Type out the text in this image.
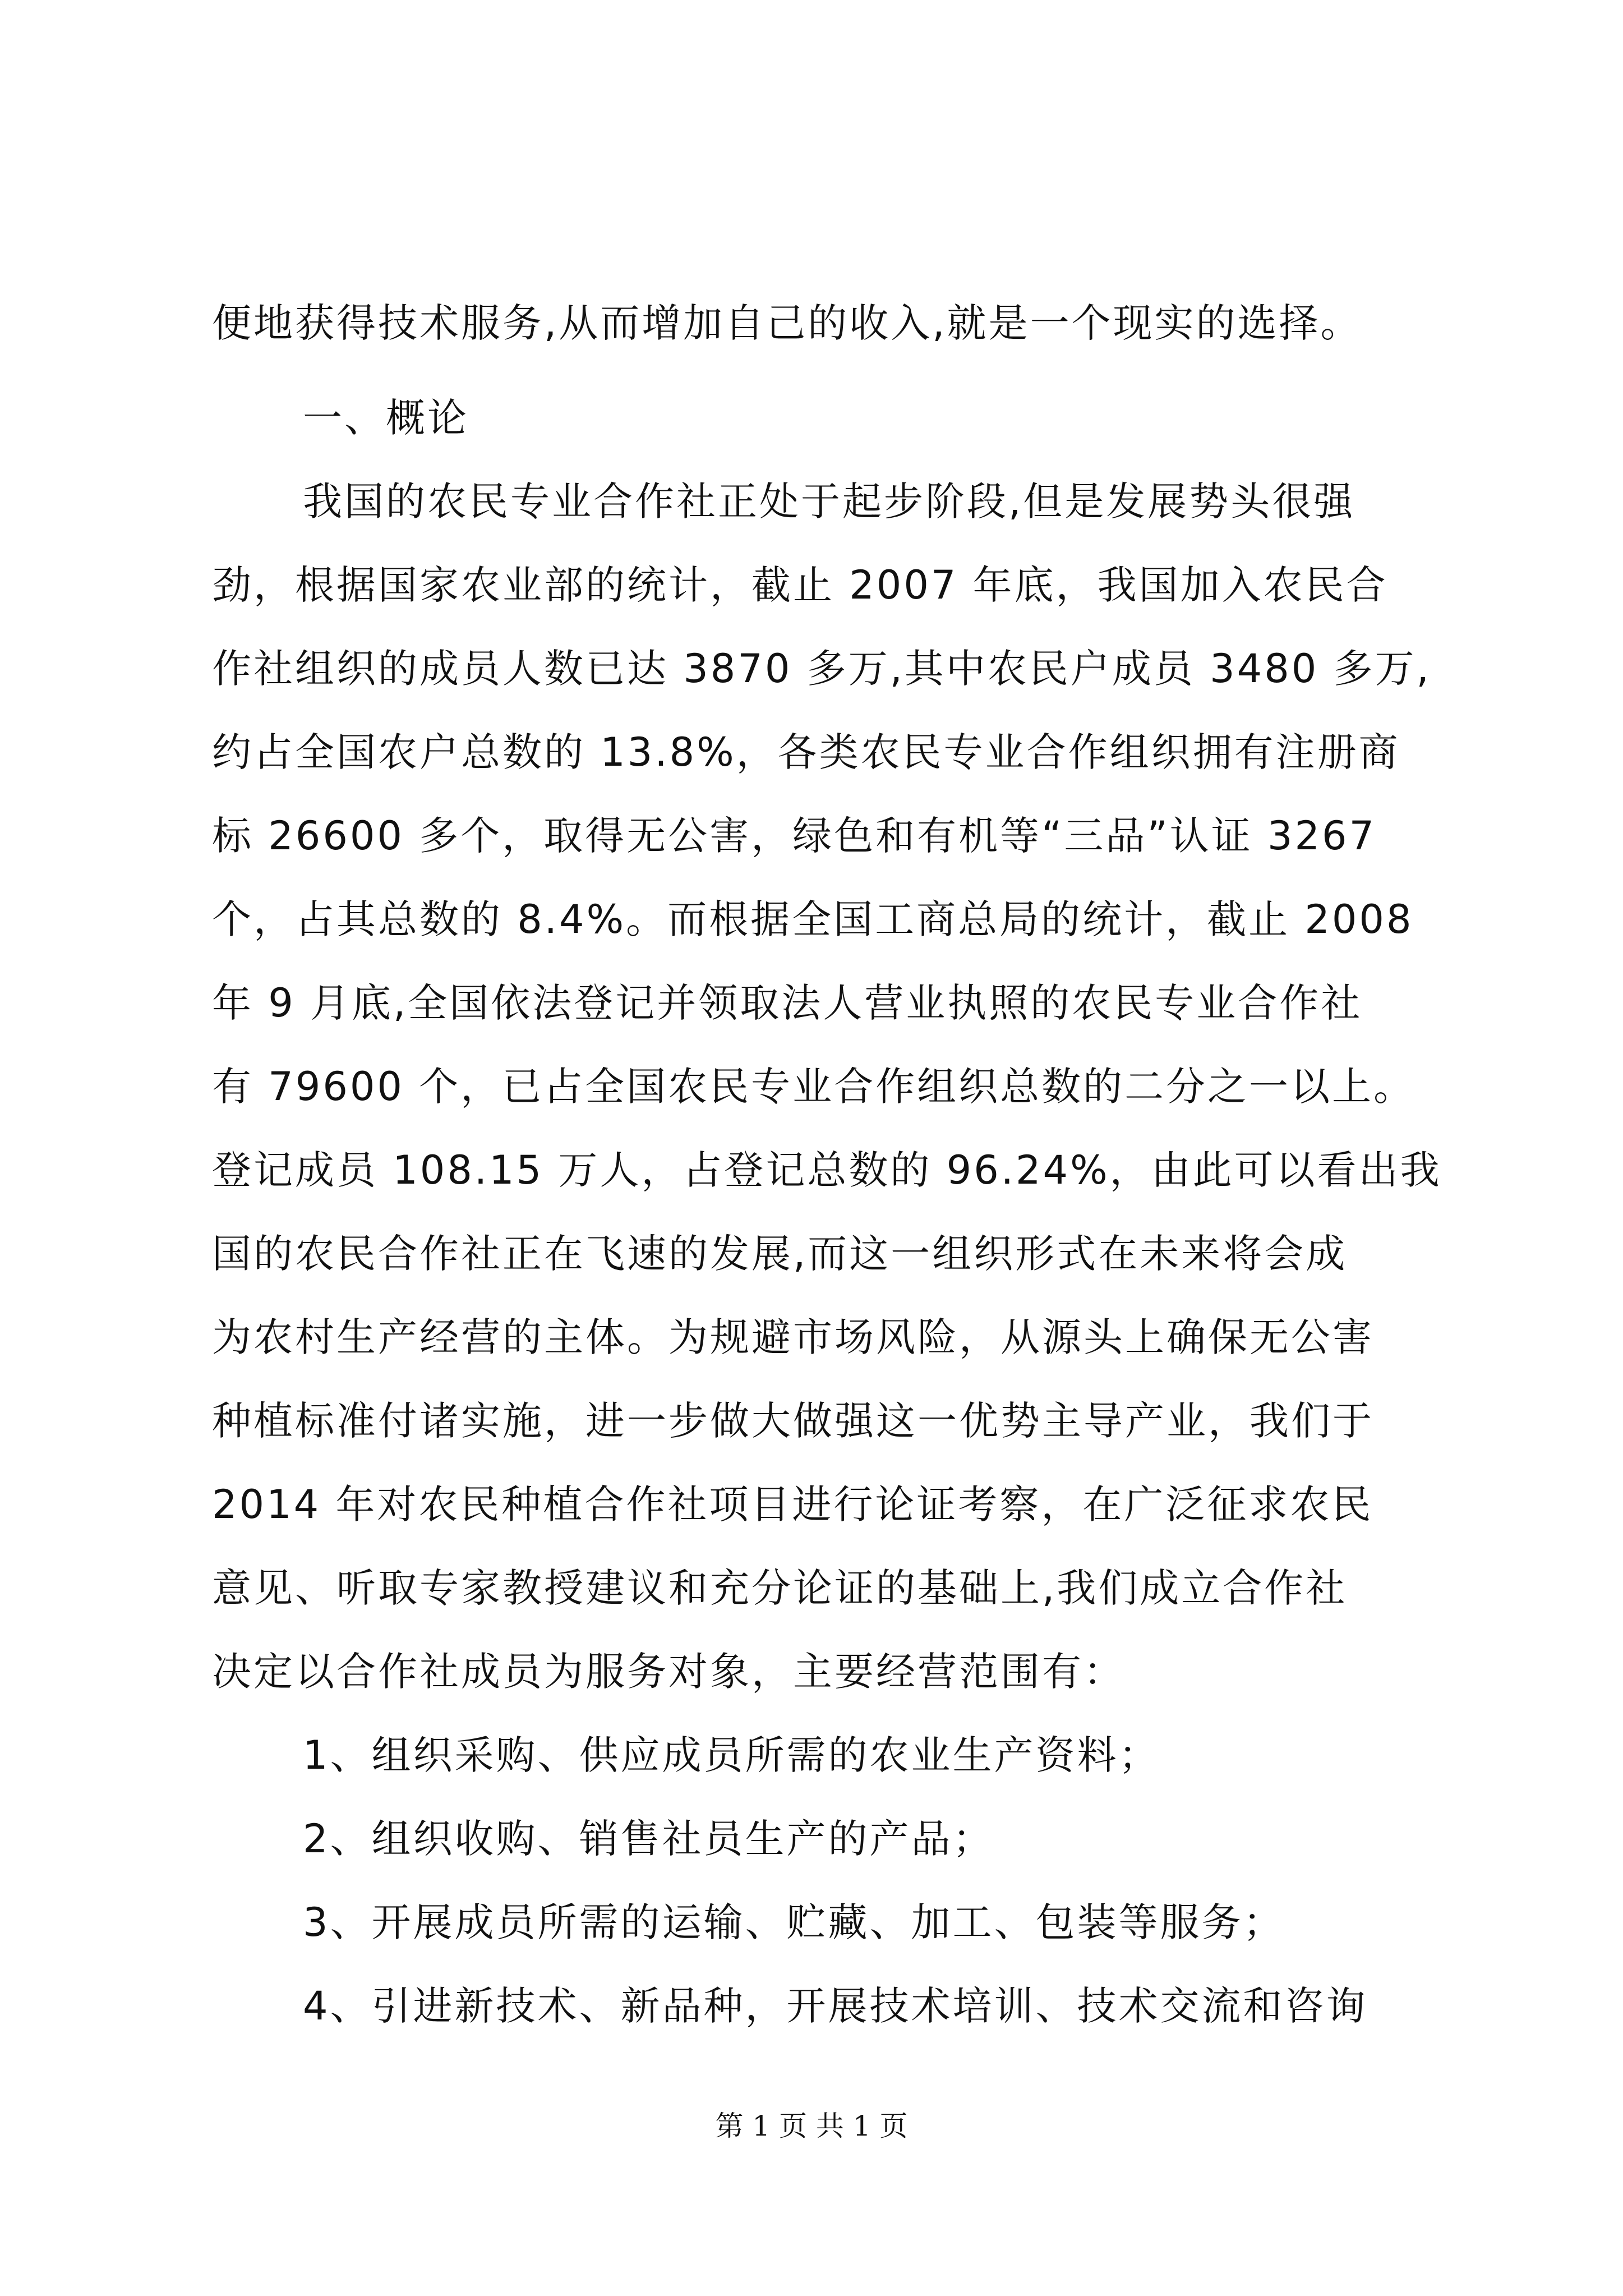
便地获得技术服务,从而增加自己的收入,就是一个现实的选择。
一、概论
我国的农民专业合作社正处于起步阶段,但是发展势头很强
劲，根据国家农业部的统计，截止 2007 年底，我国加入农民合
作社组织的成员人数已达 3870 多万,其中农民户成员 3480 多万,
约占全国农户总数的 13.8%，各类农民专业合作组织拥有注册商
标 26600 多个，取得无公害，绿色和有机等“三品”认证 3267
个，占其总数的 8.4%。而根据全国工商总局的统计，截止 2008
年 9 月底,全国依法登记并领取法人营业执照的农民专业合作社
有 79600 个，已占全国农民专业合作组织总数的二分之一以上。
登记成员 108.15 万人，占登记总数的 96.24%，由此可以看出我
国的农民合作社正在飞速的发展,而这一组织形式在未来将会成
为农村生产经营的主体。为规避市场风险，从源头上确保无公害
种植标准付诸实施，进一步做大做强这一优势主导产业，我们于
2014 年对农民种植合作社项目进行论证考察，在广泛征求农民
意见、听取专家教授建议和充分论证的基础上,我们成立合作社
决定以合作社成员为服务对象，主要经营范围有：
1、组织采购、供应成员所需的农业生产资料；
2、组织收购、销售社员生产的产品；
3、开展成员所需的运输、贮藏、加工、包装等服务；
4、引进新技术、新品种，开展技术培训、技术交流和咨询
第 1 页 共 1 页
